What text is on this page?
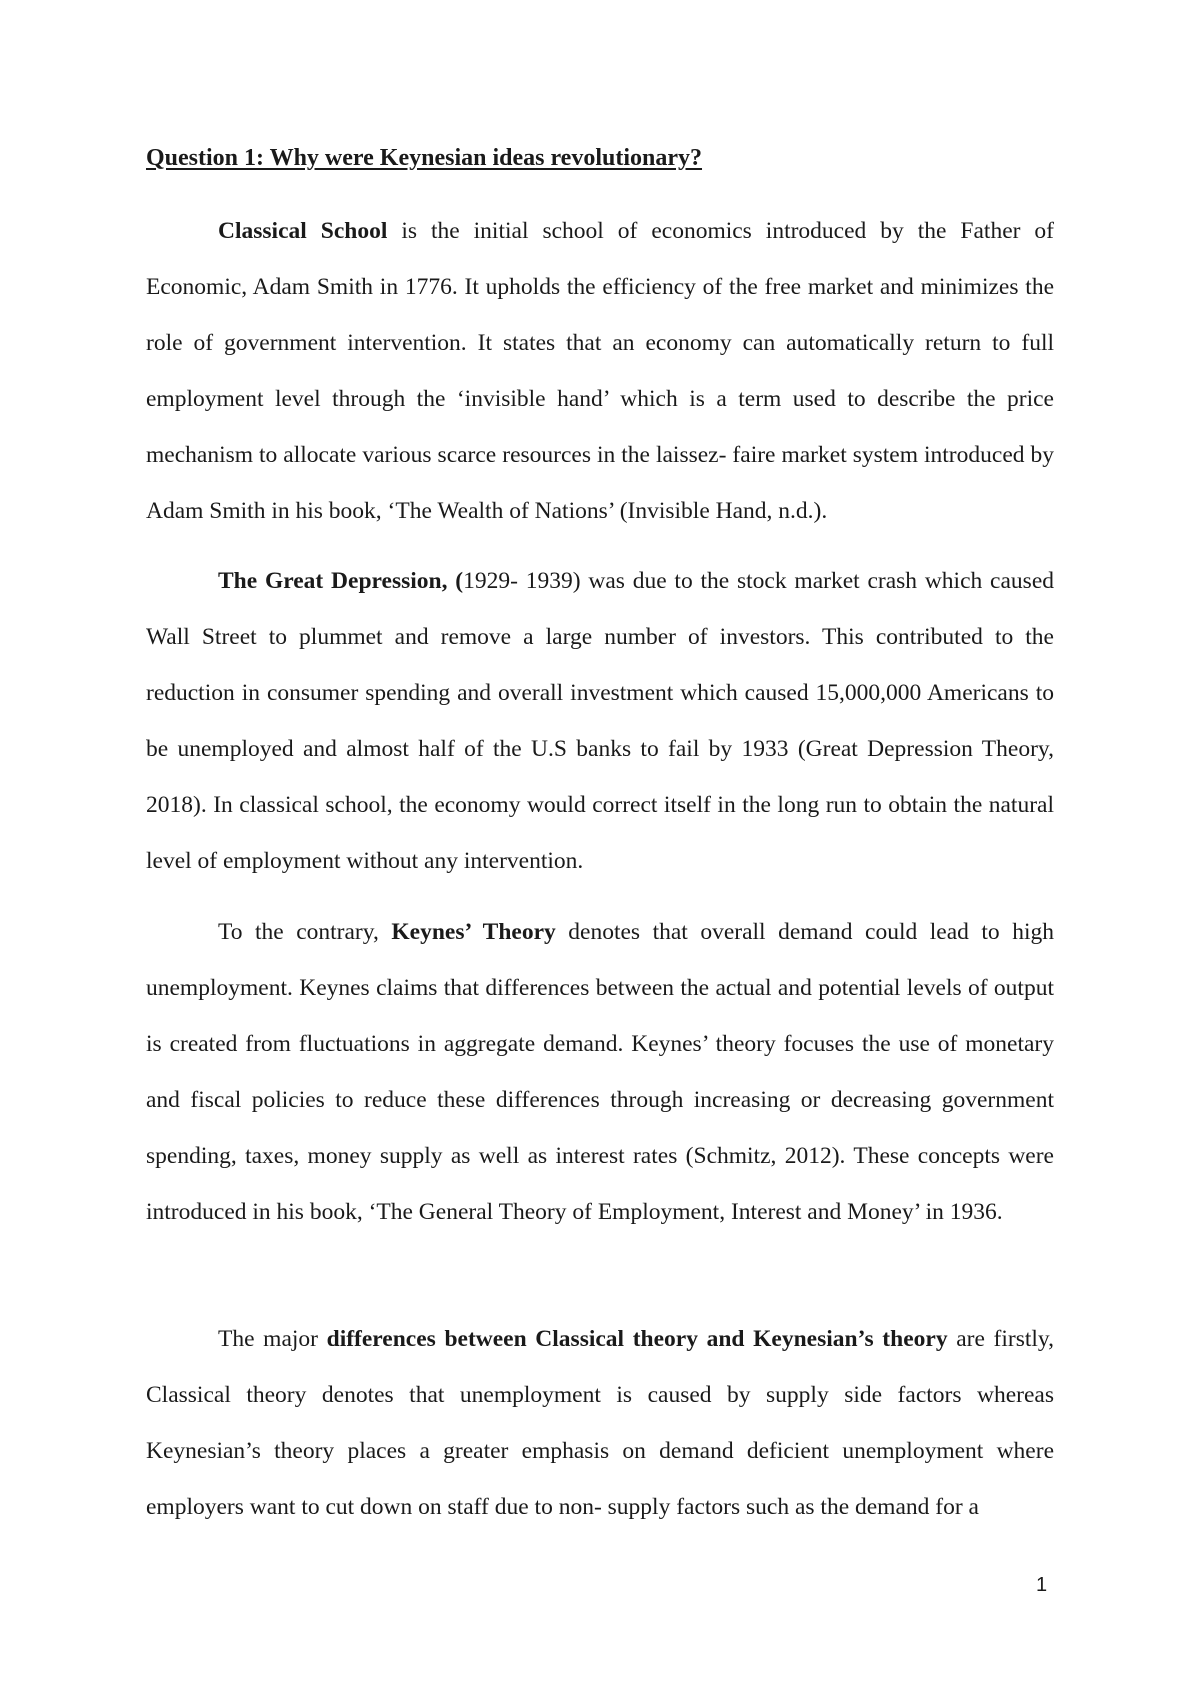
Question 1: Why were Keynesian ideas revolutionary?

Classical School is the initial school of economics introduced by the Father of Economic, Adam Smith in 1776. It upholds the efficiency of the free market and minimizes the role of government intervention. It states that an economy can automatically return to full employment level through the ‘invisible hand’ which is a term used to describe the price mechanism to allocate various scarce resources in the laissez- faire market system introduced by Adam Smith in his book, ‘The Wealth of Nations’ (Invisible Hand, n.d.).

The Great Depression, (1929- 1939) was due to the stock market crash which caused Wall Street to plummet and remove a large number of investors. This contributed to the reduction in consumer spending and overall investment which caused 15,000,000 Americans to be unemployed and almost half of the U.S banks to fail by 1933 (Great Depression Theory, 2018). In classical school, the economy would correct itself in the long run to obtain the natural level of employment without any intervention.

To the contrary, Keynes’ Theory denotes that overall demand could lead to high unemployment. Keynes claims that differences between the actual and potential levels of output is created from fluctuations in aggregate demand. Keynes’ theory focuses the use of monetary and fiscal policies to reduce these differences through increasing or decreasing government spending, taxes, money supply as well as interest rates (Schmitz, 2012). These concepts were introduced in his book, ‘The General Theory of Employment, Interest and Money’ in 1936.

The major differences between Classical theory and Keynesian’s theory are firstly, Classical theory denotes that unemployment is caused by supply side factors whereas Keynesian’s theory places a greater emphasis on demand deficient unemployment where employers want to cut down on staff due to non- supply factors such as the demand for a

1
